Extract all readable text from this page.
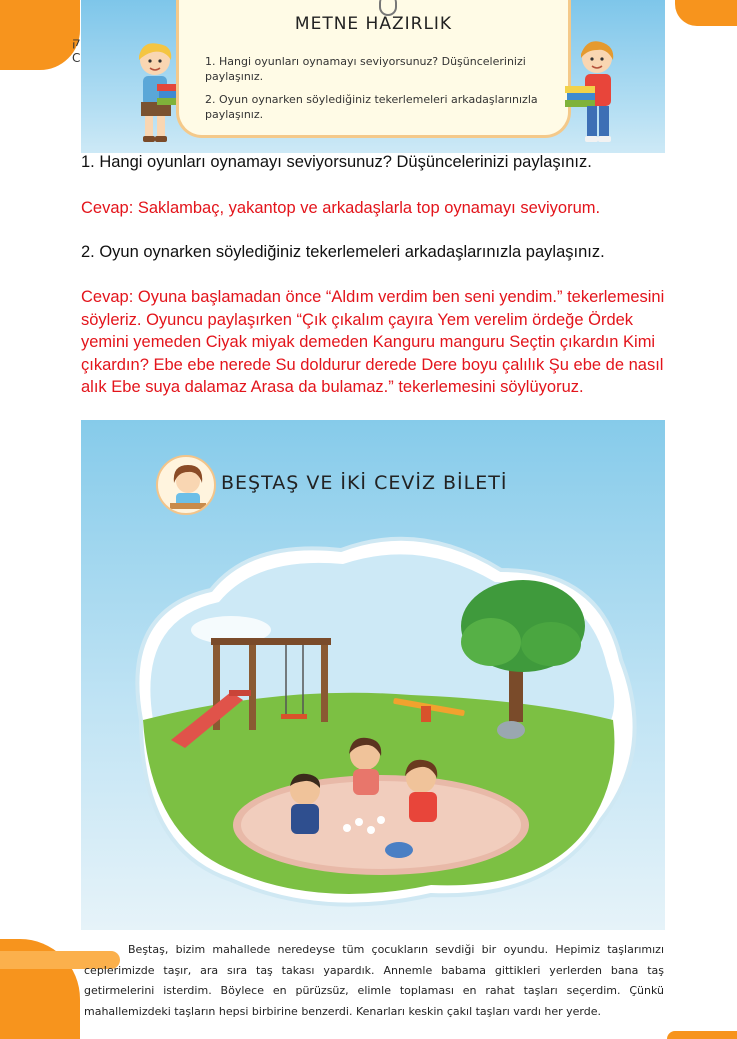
ק
C
METNE HAZIRLIK
1. Hangi oyunları oynamayı seviyorsunuz? Düşüncelerinizi paylaşınız.
2. Oyun oynarken söylediğiniz tekerlemeleri arkadaşlarınızla paylaşınız.
1. Hangi oyunları oynamayı seviyorsunuz? Düşüncelerinizi paylaşınız.
Cevap: Saklambaç, yakantop ve arkadaşlarla top oynamayı seviyorum.
2. Oyun oynarken söylediğiniz tekerlemeleri arkadaşlarınızla paylaşınız.
Cevap: Oyuna başlamadan önce “Aldım verdim ben seni yendim.” tekerlemesini söyleriz. Oyuncu paylaşırken “Çık çıkalım çayıra Yem verelim ördeğe Ördek yemini yemeden Ciyak miyak demeden Kanguru manguru Seçtin çıkardın Kimi çıkardın? Ebe ebe nerede Su doldurur derede Dere boyu çalılık Şu ebe de nasıl alık Ebe suya dalamaz Arasa da bulamaz.” tekerlemesini söylüyoruz.
BEŞTAŞ VE İKİ CEVİZ BİLETİ

Beştaş, bizim mahallede neredeyse tüm çocukların sevdiği bir oyundu. Hepimiz taşlarımızı ceplerimizde taşır, ara sıra taş takası yapardık. Annemle babama gittikleri yerlerden bana taş getirmelerini isterdim. Böylece en pürüzsüz, elimle toplaması en rahat taşları seçerdim. Çünkü mahallemizdeki taşların hepsi birbirine benzerdi. Kenarları keskin çakıl taşları vardı her yerde.
